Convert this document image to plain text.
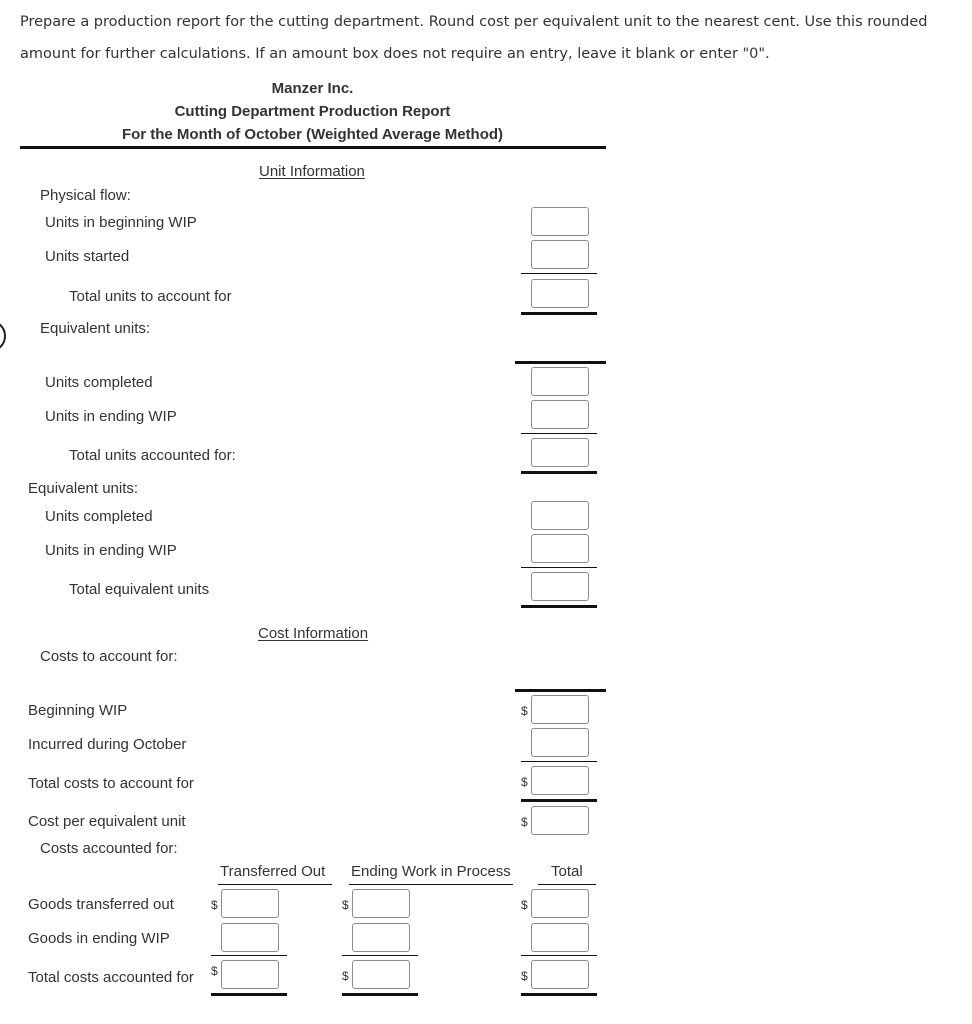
Prepare a production report for the cutting department. Round cost per equivalent unit to the nearest cent. Use this rounded
amount for further calculations. If an amount box does not require an entry, leave it blank or enter "0".
Manzer Inc.
Cutting Department Production Report
For the Month of October (Weighted Average Method)
Unit Information
Physical flow:
Units in beginning WIP
Units started
Total units to account for
Equivalent units:
Units completed
Units in ending WIP
Total units accounted for:
Equivalent units:
Units completed
Units in ending WIP
Total equivalent units
Cost Information
Costs to account for:
Beginning WIP
Incurred during October
Total costs to account for
Cost per equivalent unit
Costs accounted for:
$
$
$
Transferred Out Ending Work in Process	Total
Goods transferred out
Goods in ending WIP
Total costs accounted for
$
$
$
$
$
$
